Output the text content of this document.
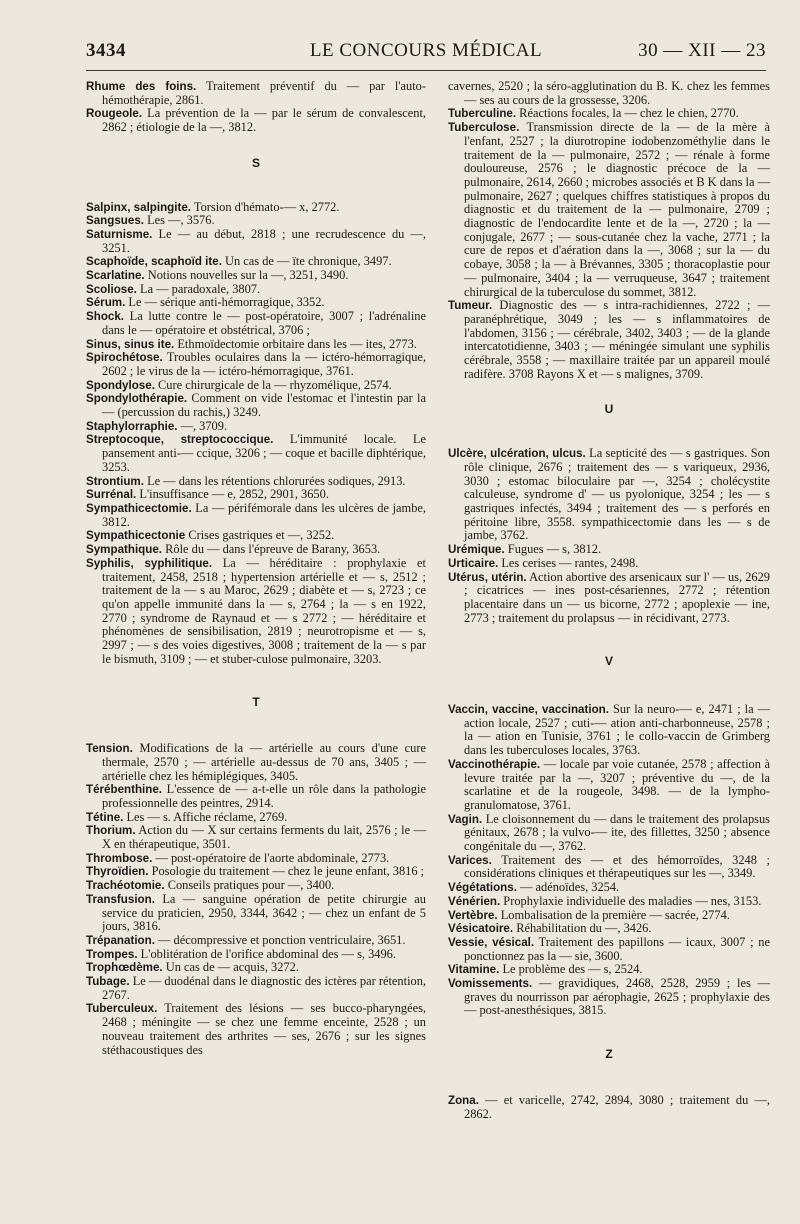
3434	LE CONCOURS MÉDICAL	30 — XII — 23

Rhume des foins. Traitement préventif du — par l'auto-hémothérapie, 2861.

Rougeole. La prévention de la — par le sérum de convalescent, 2862 ; étiologie de la —, 3812.

S

Salpinx, salpingite. Torsion d'hémato-— x, 2772.

Sangsues. Les —, 3576.

Saturnisme. Le — au début, 2818 ; une recrudescence du —, 3251.

Scaphoïde, scaphoïd ite. Un cas de — ïte chronique, 3497.

Scarlatine. Notions nouvelles sur la —, 3251, 3490.

Scoliose. La — paradoxale, 3807.

Sérum. Le — sérique anti-hémorragique, 3352.

Shock. La lutte contre le — post-opératoire, 3007 ; l'adrénaline dans le — opératoire et obstétrical, 3706 ;

Sinus, sinus ite. Ethmoïdectomie orbitaire dans les — ites, 2773.

Spirochétose. Troubles oculaires dans la — ictéro-hémorragique, 2602 ; le virus de la — ictéro-hémorragique, 3761.

Spondylose. Cure chirurgicale de la — rhyzomélique, 2574.

Spondylothérapie. Comment on vide l'estomac et l'intestin par la — (percussion du rachis,) 3249.

Staphylorraphie. —, 3709.

Streptocoque, streptococcique. L'immunité locale. Le pansement anti-— ccique, 3206 ; — coque et bacille diphtérique, 3253.

Strontium. Le — dans les rétentions chlorurées sodiques, 2913.

Surrénal. L'insuffisance — e, 2852, 2901, 3650.

Sympathicectomie. La — périfémorale dans les ulcères de jambe, 3812.

Sympathicectonie Crises gastriques et —, 3252.

Sympathique. Rôle du — dans l'épreuve de Barany, 3653.

Syphilis, syphilitique. La — héréditaire : prophylaxie et traitement, 2458, 2518 ; hypertension artérielle et — s, 2512 ; traitement de la — s au Maroc, 2629 ; diabète et — s, 2723 ; ce qu'on appelle immunité dans la — s, 2764 ; la — s en 1922, 2770 ; syndrome de Raynaud et — s 2772 ; — héréditaire et phénomènes de sensibilisation, 2819 ; neurotropisme et — s, 2997 ; — s des voies digestives, 3008 ; traitement de la — s par le bismuth, 3109 ; — et stuber-culose pulmonaire, 3203.

T

Tension. Modifications de la — artérielle au cours d'une cure thermale, 2570 ; — artérielle au-dessus de 70 ans, 3405 ; — artérielle chez les hémiplégiques, 3405.

Térébenthine. L'essence de — a-t-elle un rôle dans la pathologie professionnelle des peintres, 2914.

Tétine. Les — s. Affiche réclame, 2769.

Thorium. Action du — X sur certains ferments du lait, 2576 ; le — X en thérapeutique, 3501.

Thrombose. — post-opératoire de l'aorte abdominale, 2773.

Thyroïdien. Posologie du traitement — chez le jeune enfant, 3816 ;

Trachéotomie. Conseils pratiques pour —, 3400.

Transfusion. La — sanguine opération de petite chirurgie au service du praticien, 2950, 3344, 3642 ; — chez un enfant de 5 jours, 3816.

Trépanation. — décompressive et ponction ventriculaire, 3651.

Trompes. L'oblitération de l'orifice abdominal des — s, 3496.

Trophœdème. Un cas de — acquis, 3272.

Tubage. Le — duodénal dans le diagnostic des ictères par rétention, 2767.

Tuberculeux. Traitement des lésions — ses bucco-pharyngées, 2468 ; méningite — se chez une femme enceinte, 2528 ; un nouveau traitement des arthrites — ses, 2676 ; sur les signes stéthacoustiques des

cavernes, 2520 ; la séro-agglutination du B. K. chez les femmes — ses au cours de la grossesse, 3206.

Tuberculine. Réactions focales, la — chez le chien, 2770.

Tuberculose. Transmission directe de la — de la mère à l'enfant, 2527 ; la diurotropine iodobenzométhylie dans le traitement de la — pulmonaire, 2572 ; — rénale à forme douloureuse, 2576 ; le diagnostic précoce de la — pulmonaire, 2614, 2660 ; microbes associés et B K dans la — pulmonaire, 2627 ; quelques chiffres statistiques à propos du diagnostic et du traitement de la — pulmonaire, 2709 ; diagnostic de l'endocardite lente et de la —, 2720 ; la — conjugale, 2677 ; — sous-cutanée chez la vache, 2771 ; la cure de repos et d'aération dans la —, 3068 ; sur la — du cobaye, 3058 ; la — à Brévannes, 3305 ; thoracoplastie pour — pulmonaire, 3404 ; la — verruqueuse, 3647 ; traitement chirurgical de la tuberculose du sommet, 3812.

Tumeur. Diagnostic des — s intra-rachidiennes, 2722 ; — paranéphrétique, 3049 ; les — s inflammatoires de l'abdomen, 3156 ; — cérébrale, 3402, 3403 ; — de la glande intercatotidienne, 3403 ; — méningée simulant une syphilis cérébrale, 3558 ; — maxillaire traitée par un appareil moulé radifère. 3708 Rayons X et — s malignes, 3709.

U

Ulcère, ulcération, ulcus. La septicité des — s gastriques. Son rôle clinique, 2676 ; traitement des — s variqueux, 2936, 3030 ; estomac biloculaire par —, 3254 ; cholécystite calculeuse, syndrome d' — us pyolonique, 3254 ; les — s gastriques infectés, 3494 ; traitement des — s perforés en péritoine libre, 3558. sympathicectomie dans les — s de jambe, 3762.

Urémique. Fugues — s, 3812.

Urticaire. Les cerises — rantes, 2498.

Utérus, utérin. Action abortive des arsenicaux sur l' — us, 2629 ; cicatrices — ines post-césariennes, 2772 ; rétention placentaire dans un — us bicorne, 2772 ; apoplexie — ine, 2773 ; traitement du prolapsus — in récidivant, 2773.

V

Vaccin, vaccine, vaccination. Sur la neuro-— e, 2471 ; la — action locale, 2527 ; cuti-— ation anti-charbonneuse, 2578 ; la — ation en Tunisie, 3761 ; le collo-vaccin de Grimberg dans les tuberculoses locales, 3763.

Vaccinothérapie. — locale par voie cutanée, 2578 ; affection à levure traitée par la —, 3207 ; préventive du —, de la scarlatine et de la rougeole, 3498. — de la lympho-granulomatose, 3761.

Vagin. Le cloisonnement du — dans le traitement des prolapsus génitaux, 2678 ; la vulvo-— ite, des fillettes, 3250 ; absence congénitale du —, 3762.

Varices. Traitement des — et des hémorroïdes, 3248 ; considérations cliniques et thérapeutiques sur les —, 3349.

Végétations. — adénoïdes, 3254.

Vénérien. Prophylaxie individuelle des maladies — nes, 3153.

Vertèbre. Lombalisation de la première — sacrée, 2774.

Vésicatoire. Réhabilitation du —, 3426.

Vessie, vésical. Traitement des papillons — icaux, 3007 ; ne ponctionnez pas la — sie, 3600.

Vitamine. Le problème des — s, 2524.

Vomissements. — gravidiques, 2468, 2528, 2959 ; les — graves du nourrisson par aérophagie, 2625 ; prophylaxie des — post-anesthésiques, 3815.

Z

Zona. — et varicelle, 2742, 2894, 3080 ; traitement du —, 2862.
